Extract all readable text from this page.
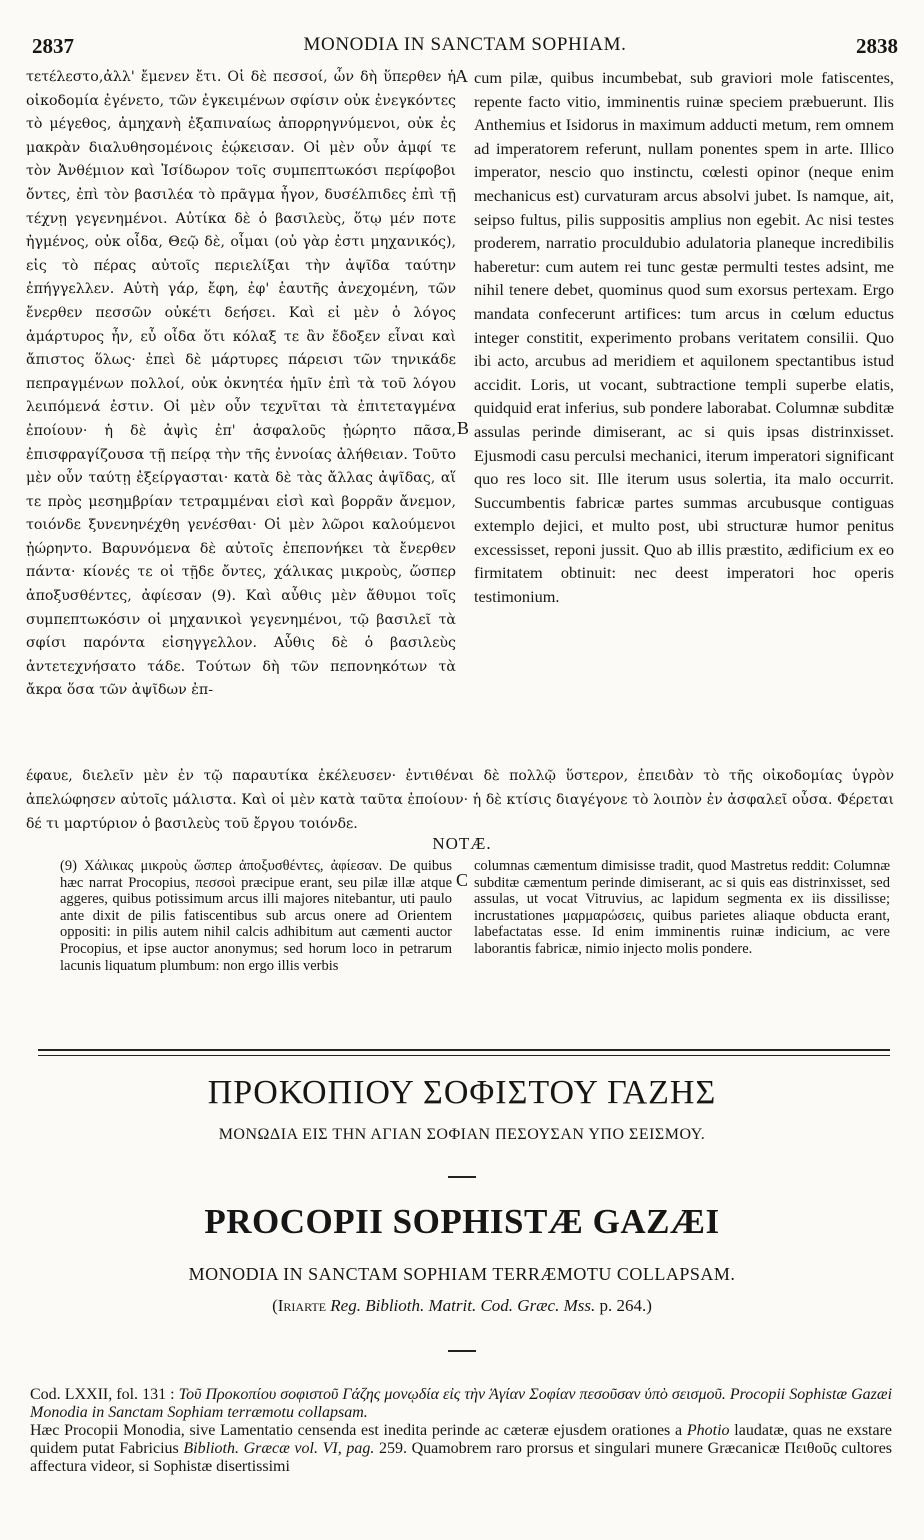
2837	MONODIA IN SANCTAM SOPHIAM.	2838

τετέλεστο,ἀλλ' ἔμενεν ἔτι. Οἱ δὲ πεσσοί, ὧν δὴ ὕπερθεν ἡ οἰκοδομία ἐγένετο, τῶν ἐγκειμένων σφίσιν οὐκ ἐνεγκόντες τὸ μέγεθος, ἀμηχανὴ ἐξαπιναίως ἀπορρηγνύμενοι, οὐκ ἐς μακρὰν διαλυθησομένοις ἐῴκεισαν. Οἱ μὲν οὖν ἀμφί τε τὸν Ἀνθέμιον καὶ Ἰσίδωρον τοῖς συμπεπτωκόσι περίφοβοι ὄντες, ἐπὶ τὸν βασιλέα τὸ πρᾶγμα ἦγον, δυσέλπιδες ἐπὶ τῇ τέχνῃ γεγενημένοι. Αὐτίκα δὲ ὁ βασιλεὺς, ὅτῳ μέν ποτε ἠγμένος, οὐκ οἶδα, Θεῷ δὲ, οἶμαι (οὐ γὰρ ἐστι μηχανικός), εἰς τὸ πέρας αὐτοῖς περιελίξαι τὴν ἀψῖδα ταύτην ἐπήγγελλεν. Αὐτὴ γάρ, ἔφη, ἐφ' ἑαυτῆς ἀνεχομένη, τῶν ἔνερθεν πεσσῶν οὐκέτι δεήσει. Καὶ εἰ μὲν ὁ λόγος ἀμάρτυρος ἦν, εὖ οἶδα ὅτι κόλαξ τε ἂν ἔδοξεν εἶναι καὶ ἄπιστος ὅλως· ἐπεὶ δὲ μάρτυρες πάρεισι τῶν τηνικάδε πεπραγμένων πολλοί, οὐκ ὀκνητέα ἡμῖν ἐπὶ τὰ τοῦ λόγου λειπόμενά ἐστιν. Οἱ μὲν οὖν τεχνῖται τὰ ἐπιτεταγμένα ἐποίουν· ἡ δὲ ἀψὶς ἐπ' ἀσφαλοῦς ᾐώρητο πᾶσα, ἐπισφραγίζουσα τῇ πείρᾳ τὴν τῆς ἐννοίας ἀλήθειαν. Τοῦτο μὲν οὖν ταύτῃ ἐξείργασται· κατὰ δὲ τὰς ἄλλας ἀψῖδας, αἵ τε πρὸς μεσημβρίαν τετραμμέναι εἰσὶ καὶ βορρᾶν ἄνεμον, τοιόνδε ξυνενηνέχθη γενέσθαι· Οἱ μὲν λῶροι καλούμενοι ᾐώρηντο. Βαρυνόμενα δὲ αὐτοῖς ἐπεπονήκει τὰ ἔνερθεν πάντα· κίονές τε οἱ τῇδε ὄντες, χάλικας μικροὺς, ὥσπερ ἀποξυσθέντες, ἀφίεσαν (9). Καὶ αὖθις μὲν ἄθυμοι τοῖς συμπεπτωκόσιν οἱ μηχανικοὶ γεγενημένοι, τῷ βασιλεῖ τὰ σφίσι παρόντα εἰσηγγελλον. Αὖθις δὲ ὁ βασιλεὺς ἀντετεχνήσατο τάδε. Τούτων δὴ τῶν πεπονηκότων τὰ ἄκρα ὅσα τῶν ἀψῖδων ἐπ-

cum pilæ, quibus incumbebat, sub graviori mole fatiscentes, repente facto vitio, imminentis ruinæ speciem præbuerunt. Ilis Anthemius et Isidorus in maximum adducti metum, rem omnem ad imperatorem referunt, nullam ponentes spem in arte. Illico imperator, nescio quo instinctu, cœlesti opinor (neque enim mechanicus est) curvaturam arcus absolvi jubet. Is namque, ait, seipso fultus, pilis suppositis amplius non egebit. Ac nisi testes proderem, narratio proculdubio adulatoria planeque incredibilis haberetur: cum autem rei tunc gestæ permulti testes adsint, me nihil tenere debet, quominus quod sum exorsus pertexam. Ergo mandata confecerunt artifices: tum arcus in cœlum eductus integer constitit, experimento probans veritatem consilii. Quo ibi acto, arcubus ad meridiem et aquilonem spectantibus istud accidit. Loris, ut vocant, subtractione templi superbe elatis, quidquid erat inferius, sub pondere laborabat. Columnæ subditæ assulas perinde dimiserant, ac si quis ipsas distrinxisset. Ejusmodi casu perculsi mechanici, iterum imperatori significant quo res loco sit. Ille iterum usus solertia, ita malo occurrit. Succumbentis fabricæ partes summas arcubusque contiguas extemplo dejici, et multo post, ubi structuræ humor penitus excessisset, reponi jussit. Quo ab illis præstito, ædificium ex eo firmitatem obtinuit: nec deest imperatori hoc operis testimonium.

A
B
C

έφαυε, διελεῖν μὲν ἐν τῷ παραυτίκα ἐκέλευσεν· ἐντιθέναι δὲ πολλῷ ὕστερον, ἐπειδὰν τὸ τῆς οἰκοδομίας ὑγρὸν ἀπελώφησεν αὐτοῖς μάλιστα. Καὶ οἱ μὲν κατὰ ταῦτα ἐποίουν· ἡ δὲ κτίσις διαγέγονε τὸ λοιπὸν ἐν ἀσφαλεῖ οὖσα. Φέρεται δέ τι μαρτύριον ὁ βασιλεὺς τοῦ ἔργου τοιόνδε.

NOTÆ.

(9) Χάλικας μικροὺς ὥσπερ ἀποξυσθέντες, ἀφίεσαν. De quibus hæc narrat Procopius, πεσσοὶ præcipue erant, seu pilæ illæ atque aggeres, quibus potissimum arcus illi majores nitebantur, uti paulo ante dixit de pilis fatiscentibus sub arcus onere ad Orientem oppositi: in pilis autem nihil calcis adhibitum aut cæmenti auctor Procopius, et ipse auctor anonymus; sed horum loco in petrarum lacunis liquatum plumbum: non ergo illis verbis

columnas cæmentum dimisisse tradit, quod Mastretus reddit: Columnæ subditæ cæmentum perinde dimiserant, ac si quis eas distrinxisset, sed assulas, ut vocat Vitruvius, ac lapidum segmenta ex iis dissilisse; incrustationes μαρμαρώσεις, quibus parietes aliaque obducta erant, labefactatas esse. Id enim imminentis ruinæ indicium, ac vere laborantis fabricæ, nimio injecto molis pondere.

ΠΡΟΚΟΠΙΟΥ ΣΟΦΙΣΤΟΥ ΓΑΖΗΣ
ΜΟΝΩΔΙΑ ΕΙΣ ΤΗΝ ΑΓΙΑΝ ΣΟΦΙΑΝ ΠΕΣΟΥΣΑΝ ΥΠΟ ΣΕΙΣΜΟΥ.
PROCOPII SOPHISTÆ GAZÆI
MONODIA IN SANCTAM SOPHIAM TERRÆMOTU COLLAPSAM.
(Iriarte Reg. Biblioth. Matrit. Cod. Græc. Mss. p. 264.)

Cod. LXXII, fol. 131 : Τοῦ Προκοπίου σοφιστοῦ Γάζης μονῳδία εἰς τὴν Ἁγίαν Σοφίαν πεσοῦσαν ὑπὸ σεισμοῦ. Procopii Sophistæ Gazæi Monodia in Sanctam Sophiam terræmotu collapsam.
Hæc Procopii Monodia, sive Lamentatio censenda est inedita perinde ac cæteræ ejusdem orationes a Photio laudatæ, quas ne exstare quidem putat Fabricius Biblioth. Græcæ vol. VI, pag. 259. Quamobrem raro prorsus et singulari munere Græcanicæ Πειθοῦς cultores affectura videor, si Sophistæ disertissimi
